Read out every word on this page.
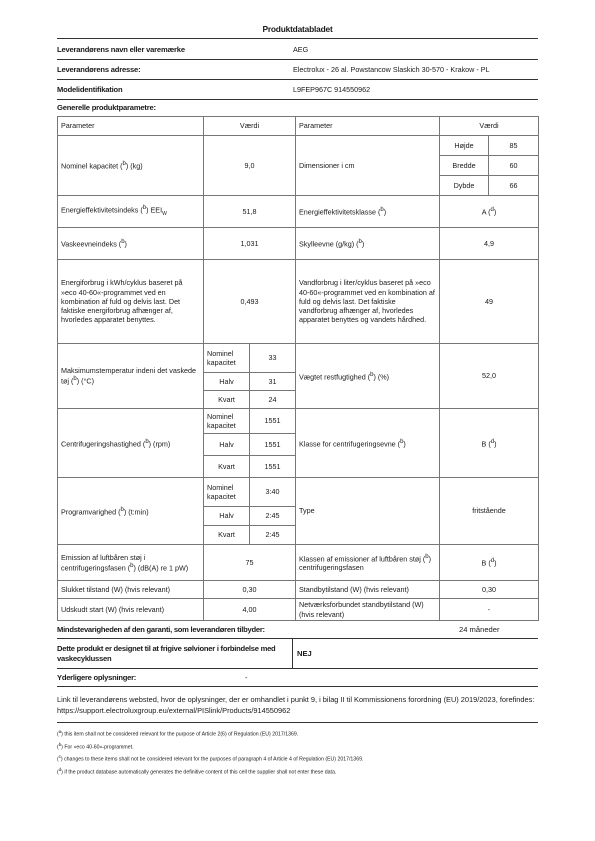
Produktdatabladet
Leverandørens navn eller varemærke	AEG
Leverandørens adresse:	Electrolux - 26 al. Powstancow Slaskich 30-570 - Krakow - PL
Modelidentifikation	L9FEP967C 914550962
Generelle produktparametre:
Parameter	Værdi		Parameter	Værdi	
Nominel kapacitet ($^b$) (kg)	9,0		Dimensioner i cm	Højde	85
				Bredde	60
				Dybde	66
Energieffektivitetsindeks ($^b$) $EEI_W$	51,8		Energieffektivitetsklasse ($^b$)	A ($^d$)	
Vaskeevneindeks ($^b$)	1,031		Skylleevne (g/kg) ($^b$)	4,9	
Energiforbrug i kWh/cyklus baseret på »eco 40-60«-programmet ved en kombination af fuld og delvis last. Det faktiske energiforbrug afhænger af, hvorledes apparatet benyttes.	0,493		Vandforbrug i liter/cyklus baseret på »eco 40-60«-programmet ved en kombination af fuld og delvis last. Det faktiske vandforbrug afhænger af, hvorledes apparatet benyttes og vandets hårdhed.	49	
Maksimumstemperatur indeni det vaskede tøj ($^b$) (°C)	Nominel kapacitet	33	Vægtet restfugtighed ($^b$) (%)	52,0	
	Halv	31			
	Kvart	24			
Centrifugeringshastighed ($^b$) (rpm)	Nominel kapacitet	1551	Klasse for centrifugeringsevne ($^b$)	B ($^d$)	
	Halv	1551			
	Kvart	1551			
Programvarighed ($^b$) (t:min)	Nominel kapacitet	3:40	Type	fritstående	
	Halv	2:45			
	Kvart	2:45			
Emission af luftbåren støj i centrifugeringsfasen ($^b$) (dB(A) re 1 pW)	75		Klassen af emissioner af luftbåren støj ($^b$) centrifugeringsfasen	B ($^d$)	
Slukket tilstand (W) (hvis relevant)	0,30		Standbytilstand (W) (hvis relevant)	0,30	
Udskudt start (W) (hvis relevant)	4,00		Netværksforbundet standbytilstand (W) (hvis relevant)	-	
Mindstevarigheden af den garanti, som leverandøren tilbyder:	24 måneder
Dette produkt er designet til at frigive sølvioner i forbindelse med vaskecyklussen	NEJ
Yderligere oplysninger:	-
Link til leverandørens websted, hvor de oplysninger, der er omhandlet i punkt 9, i bilag II til Kommissionens forordning (EU) 2019/2023, forefindes: https://support.electroluxgroup.eu/external/PISlink/Products/914550962
($^a$) this item shall not be considered relevant for the purpose of Article 2(6) of Regulation (EU) 2017/1369.
($^b$) For »eco 40-60«-programmet.
($^c$) changes to these items shall not be considered relevant for the purposes of paragraph 4 of Article 4 of Regulation (EU) 2017/1369.
($^d$) if the product database automatically generates the definitive content of this cell the supplier shall not enter these data.
